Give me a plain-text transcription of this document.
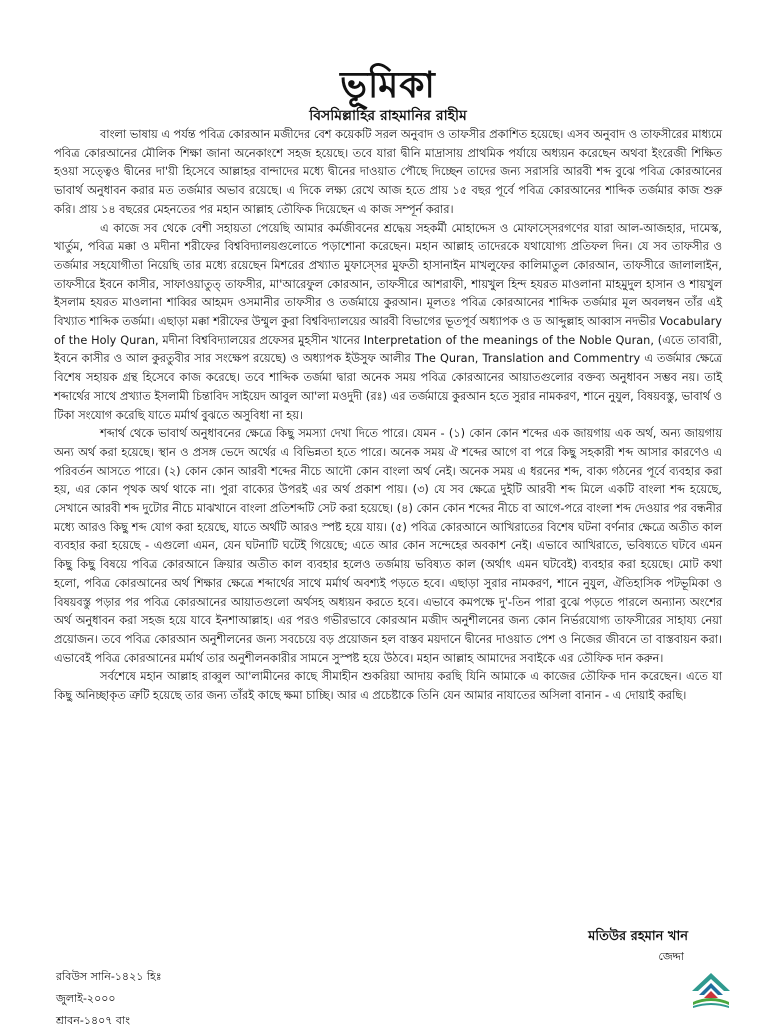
ভূমিকা
বিসমিল্লাহির রাহমানির রাহীম

বাংলা ভাষায় এ পর্যন্ত পবিত্র কোরআন মজীদের বেশ কয়েকটি সরল অনুবাদ ও তাফসীর প্রকাশিত হয়েছে। এসব অনুবাদ ও তাফসীরের মাধ্যমে পবিত্র কোরআনের মৌলিক শিক্ষা জানা অনেকাংশে সহজ হয়েছে। তবে যারা দ্বীনি মাদ্রাসায় প্রাথমিক পর্যায়ে অধ্যয়ন করেছেন অথবা ইংরেজী শিক্ষিত হওয়া সত্ত্বেও দ্বীনের দা'য়ী হিসেবে আল্লাহর বান্দাদের মধ্যে দ্বীনের দাওয়াত পৌছে দিচ্ছেন তাদের জন্য সরাসরি আরবী শব্দ বুঝে পবিত্র কোরআনের ভাবার্থ অনুধাবন করার মত তর্জমার অভাব রয়েছে। এ দিকে লক্ষ্য রেখে আজ হতে প্রায় ১৫ বছর পূর্বে পবিত্র কোরআনের শাব্দিক তর্জমার কাজ শুরু করি। প্রায় ১৪ বছরের মেহনতের পর মহান আল্লাহ তৌফিক দিয়েছেন এ কাজ সম্পূর্ন করার।

এ কাজে সব থেকে বেশী সহায়তা পেয়েছি আমার কর্মজীবনের শ্রদ্ধেয় সহকর্মী মোহাদ্দেস ও মোফাস্সেরগণের যারা আল-আজহার, দামেস্ক, খার্তুম, পবিত্র মক্কা ও মদীনা শরীফের বিশ্ববিদ্যালয়গুলোতে পড়াশোনা করেছেন। মহান আল্লাহ তাদেরকে যথাযোগ্য প্রতিফল দিন। যে সব তাফসীর ও তর্জমার সহযোগীতা নিয়েছি তার মধ্যে রয়েছেন মিশরের প্রখ্যাত মুফাস্সের মুফতী হাসানাইন মাখলুফের কালিমাতুল কোরআন, তাফসীরে জালালাইন, তাফসীরে ইবনে কাসীর, সাফাওয়াতুত্ তাফসীর, মা'আরেফুল কোরআন, তাফসীরে আশরাফী, শায়খুল হিন্দ হযরত মাওলানা মাহমুদুল হাসান ও শায়খুল ইসলাম হযরত মাওলানা শাব্বির আহমদ ওসমানীর তাফসীর ও তর্জমায়ে কুরআন। মূলতঃ পবিত্র কোরআনের শাব্দিক তর্জমার মূল অবলম্বন তাঁর এই বিখ্যাত শাব্দিক তর্জমা। এছাড়া মক্কা শরীফের উম্মুল কুরা বিশ্ববিদ্যালয়ের আরবী বিভাগের ভূতপূর্ব অধ্যাপক ও ড আব্দুল্লাহ আব্বাস নদভীর Vocabulary of the Holy Quran, মদীনা বিশ্ববিদ্যালয়ের প্রফেসর মুহসীন খানের Interpretation of the meanings of the Noble Quran, (এতে তাবারী, ইবনে কাসীর ও আল কুরতুবীর সার সংক্ষেপ রয়েছে) ও অধ্যাপক ইউসুফ আলীর The Quran, Translation and Commentry এ তর্জমার ক্ষেত্রে বিশেষ সহায়ক গ্রন্থ হিসেবে কাজ করেছে। তবে শাব্দিক তর্জমা দ্বারা অনেক সময় পবিত্র কোরআনের আয়াতগুলোর বক্তব্য অনুধাবন সম্ভব নয়। তাই শব্দার্থের সাথে প্রখ্যাত ইসলামী চিন্তাবিদ সাইয়েদ আবুল আ'লা মওদুদী (রঃ) এর তর্জমায়ে কুরআন হতে সুরার নামকরণ, শানে নুযুল, বিষয়বস্তু, ভাবার্থ ও টিকা সংযোগ করেছি যাতে মর্মার্থ বুঝতে অসুবিধা না হয়।

শব্দার্থ থেকে ভাবার্থ অনুধাবনের ক্ষেত্রে কিছু সমস্যা দেখা দিতে পারে। যেমন - (১) কোন কোন শব্দের এক জায়গায় এক অর্থ, অন্য জায়গায় অন্য অর্থ করা হয়েছে। স্থান ও প্রসঙ্গ ভেদে অর্থের এ বিভিন্নতা হতে পারে। অনেক সময় ঐ শব্দের আগে বা পরে কিছু সহকারী শব্দ আসার কারণেও এ পরিবর্তন আসতে পারে। (২) কোন কোন আরবী শব্দের নীচে আদৌ কোন বাংলা অর্থ নেই। অনেক সময় এ ধরনের শব্দ, বাক্য গঠনের পূর্বে ব্যবহার করা হয়, এর কোন পৃথক অর্থ থাকে না। পুরা বাক্যের উপরই এর অর্থ প্রকাশ পায়। (৩) যে সব ক্ষেত্রে দুইটি আরবী শব্দ মিলে একটি বাংলা শব্দ হয়েছে, সেখানে আরবী শব্দ দুটোর নীচে মাঝখানে বাংলা প্রতিশব্দটি সেট করা হয়েছে। (৪) কোন কোন শব্দের নীচে বা আগে-পরে বাংলা শব্দ দেওয়ার পর বন্ধনীর মধ্যে আরও কিছু শব্দ যোগ করা হয়েছে, যাতে অর্থটি আরও স্পষ্ট হয়ে যায়। (৫) পবিত্র কোরআনে আখিরাতের বিশেষ ঘটনা বর্ণনার ক্ষেত্রে অতীত কাল ব্যবহার করা হয়েছে - এগুলো এমন, যেন ঘটনাটি ঘটেই গিয়েছে; এতে আর কোন সন্দেহের অবকাশ নেই। এভাবে আখিরাতে, ভবিষ্যতে ঘটবে এমন কিছু কিছু বিষয়ে পবিত্র কোরআনে ক্রিয়ার অতীত কাল ব্যবহার হলেও তর্জমায় ভবিষ্যত কাল (অর্থাৎ এমন ঘটবেই) ব্যবহার করা হয়েছে। মোট কথা হলো, পবিত্র কোরআনের অর্থ শিক্ষার ক্ষেত্রে শব্দার্থের সাথে মর্মার্থ অবশ্যই পড়তে হবে। এছাড়া সুরার নামকরণ, শানে নুযুল, ঐতিহাসিক পটভূমিকা ও বিষয়বস্তু পড়ার পর পবিত্র কোরআনের আয়াতগুলো অর্থসহ অধ্যয়ন করতে হবে। এভাবে কমপক্ষে দু'-তিন পারা বুঝে পড়তে পারলে অন্যান্য অংশের অর্থ অনুধাবন করা সহজ হয়ে যাবে ইনশাআল্লাহ। এর পরও গভীরভাবে কোরআন মজীদ অনুশীলনের জন্য কোন নির্ভরযোগ্য তাফসীরের সাহায্য নেয়া প্রয়োজন। তবে পবিত্র কোরআন অনুশীলনের জন্য সবচেয়ে বড় প্রয়োজন হল বাস্তব ময়দানে দ্বীনের দাওয়াত পেশ ও নিজের জীবনে তা বাস্তবায়ন করা। এভাবেই পবিত্র কোরআনের মর্মার্থ তার অনুশীলনকারীর সামনে সুস্পষ্ট হয়ে উঠবে। মহান আল্লাহ আমাদের সবাইকে এর তৌফিক দান করুন।

সর্বশেষে মহান আল্লাহ রাব্বুল আ'লামীনের কাছে সীমাহীন শুকরিয়া আদায় করছি যিনি আমাকে এ কাজের তৌফিক দান করেছেন। এতে যা কিছু অনিচ্ছাকৃত ত্রুটি হয়েছে তার জন্য তাঁরই কাছে ক্ষমা চাচ্ছি। আর এ প্রচেষ্টাকে তিনি যেন আমার নাযাতের অসিলা বানান - এ দোয়াই করছি।

মতিউর রহমান খান
জেদ্দা
রবিউস সানি-১৪২১ হিঃ
জুলাই-২০০০
শ্রাবন-১৪০৭ বাং
